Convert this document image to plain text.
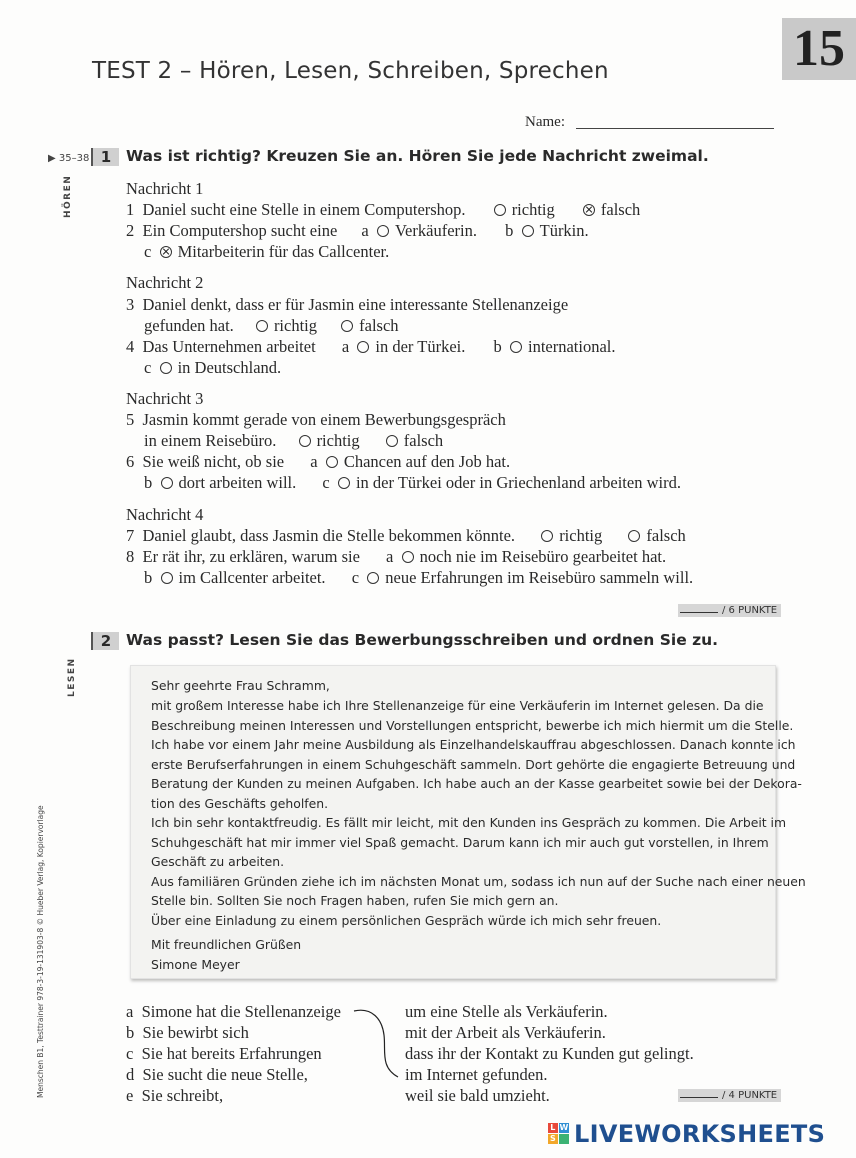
15
TEST 2 – Hören, Lesen, Schreiben, Sprechen
Name:
▶ 35–38 1 Was ist richtig? Kreuzen Sie an. Hören Sie jede Nachricht zweimal.
HÖREN	Nachricht 1
1 Daniel sucht eine Stelle in einem Computershop.	richtig	falsch
2 Ein Computershop sucht eine a Verkäuferin. b Türkin.
c Mitarbeiterin für das Callcenter.
Nachricht 2
3 Daniel denkt, dass er für Jasmin eine interessante Stellenanzeige
gefunden hat. richtig	falsch
4 Das Unternehmen arbeitet a in der Türkei. b international.
c in Deutschland.
Nachricht 3
5 Jasmin kommt gerade von einem Bewerbungsgespräch
in einem Reisebüro. richtig	falsch
6 Sie weiß nicht, ob sie a Chancen auf den Job hat.
b dort arbeiten will. c in der Türkei oder in Griechenland arbeiten wird.
Nachricht 4
7 Daniel glaubt, dass Jasmin die Stelle bekommen könnte.	richtig	falsch
8 Er rät ihr, zu erklären, warum sie a noch nie im Reisebüro gearbeitet hat.
b im Callcenter arbeitet. c neue Erfahrungen im Reisebüro sammeln will.
/ 6 PUNKTE
2 Was passt? Lesen Sie das Bewerbungsschreiben und ordnen Sie zu.
LESEN	Sehr geehrte Frau Schramm,
mit großem Interesse habe ich Ihre Stellenanzeige für eine Verkäuferin im Internet gelesen. Da die
Beschreibung meinen Interessen und Vorstellungen entspricht, bewerbe ich mich hiermit um die Stelle.
Ich habe vor einem Jahr meine Ausbildung als Einzelhandelskauffrau abgeschlossen. Danach konnte ich
erste Berufserfahrungen in einem Schuhgeschäft sammeln. Dort gehörte die engagierte Betreuung und
Beratung der Kunden zu meinen Aufgaben. Ich habe auch an der Kasse gearbeitet sowie bei der Dekora-
tion des Geschäfts geholfen.
Ich bin sehr kontaktfreudig. Es fällt mir leicht, mit den Kunden ins Gespräch zu kommen. Die Arbeit im
Schuhgeschäft hat mir immer viel Spaß gemacht. Darum kann ich mir auch gut vorstellen, in Ihrem
Geschäft zu arbeiten.
Aus familiären Gründen ziehe ich im nächsten Monat um, sodass ich nun auf der Suche nach einer neuen
Stelle bin. Sollten Sie noch Fragen haben, rufen Sie mich gern an.
Über eine Einladung zu einem persönlichen Gespräch würde ich mich sehr freuen.
Mit freundlichen Grüßen
Simone Meyer
a Simone hat die Stellenanzeige
b Sie bewirbt sich
c Sie hat bereits Erfahrungen
d Sie sucht die neue Stelle,
e Sie schreibt,
um eine Stelle als Verkäuferin.
mit der Arbeit als Verkäuferin.
dass ihr der Kontakt zu Kunden gut gelingt.
im Internet gefunden.
weil sie bald umzieht.	/ 4 PUNKTE
Menschen B1, Testtrainer 978-3-19-131903-8 © Hueber Verlag, Kopiervorlage
L W
S LIVEWORKSHEETS
